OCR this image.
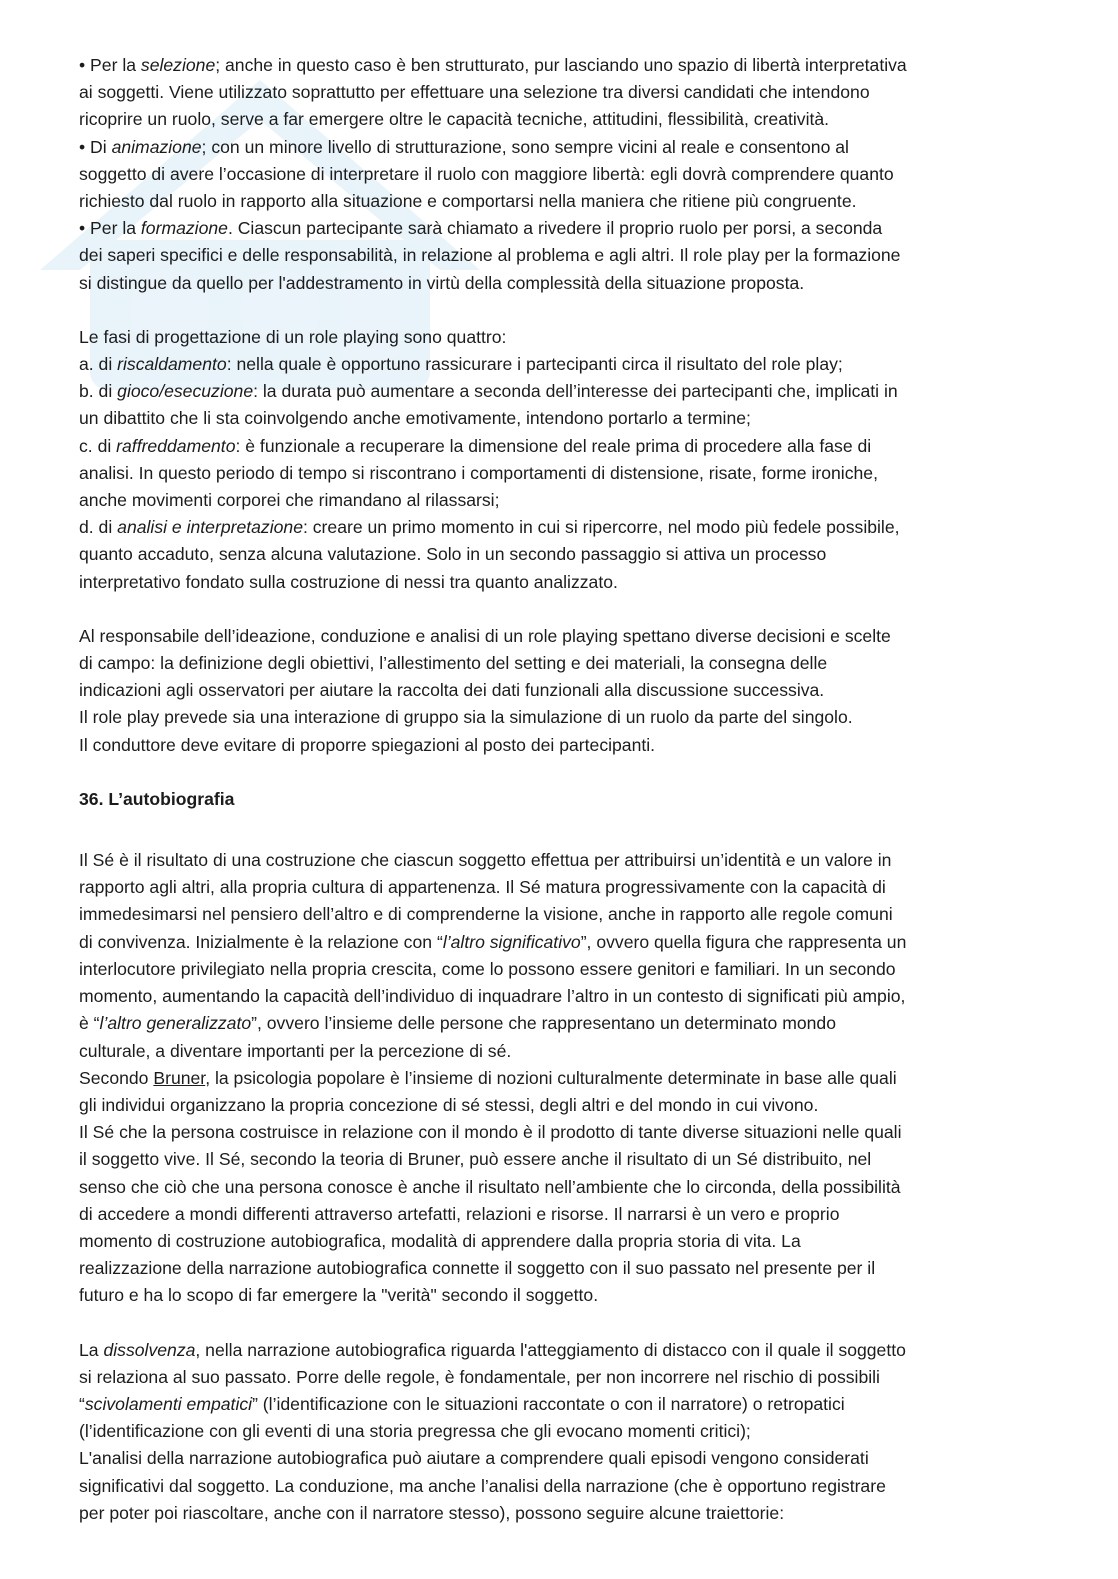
• Per la selezione; anche in questo caso è ben strutturato, pur lasciando uno spazio di libertà interpretativa
ai soggetti. Viene utilizzato soprattutto per effettuare una selezione tra diversi candidati che intendono
ricoprire un ruolo, serve a far emergere oltre le capacità tecniche, attitudini, flessibilità, creatività.
• Di animazione; con un minore livello di strutturazione, sono sempre vicini al reale e consentono al
soggetto di avere l’occasione di interpretare il ruolo con maggiore libertà: egli dovrà comprendere quanto
richiesto dal ruolo in rapporto alla situazione e comportarsi nella maniera che ritiene più congruente.
• Per la formazione. Ciascun partecipante sarà chiamato a rivedere il proprio ruolo per porsi, a seconda
dei saperi specifici e delle responsabilità, in relazione al problema e agli altri. Il role play per la formazione
si distingue da quello per l'addestramento in virtù della complessità della situazione proposta.
Le fasi di progettazione di un role playing sono quattro:
a. di riscaldamento: nella quale è opportuno rassicurare i partecipanti circa il risultato del role play;
b. di gioco/esecuzione: la durata può aumentare a seconda dell’interesse dei partecipanti che, implicati in
un dibattito che li sta coinvolgendo anche emotivamente, intendono portarlo a termine;
c. di raffreddamento: è funzionale a recuperare la dimensione del reale prima di procedere alla fase di
analisi. In questo periodo di tempo si riscontrano i comportamenti di distensione, risate, forme ironiche,
anche movimenti corporei che rimandano al rilassarsi;
d. di analisi e interpretazione: creare un primo momento in cui si ripercorre, nel modo più fedele possibile,
quanto accaduto, senza alcuna valutazione. Solo in un secondo passaggio si attiva un processo
interpretativo fondato sulla costruzione di nessi tra quanto analizzato.
Al responsabile dell’ideazione, conduzione e analisi di un role playing spettano diverse decisioni e scelte
di campo: la definizione degli obiettivi, l’allestimento del setting e dei materiali, la consegna delle
indicazioni agli osservatori per aiutare la raccolta dei dati funzionali alla discussione successiva.
Il role play prevede sia una interazione di gruppo sia la simulazione di un ruolo da parte del singolo.
Il conduttore deve evitare di proporre spiegazioni al posto dei partecipanti.
36. L’autobiografia
Il Sé è il risultato di una costruzione che ciascun soggetto effettua per attribuirsi un’identità e un valore in
rapporto agli altri, alla propria cultura di appartenenza. Il Sé matura progressivamente con la capacità di
immedesimarsi nel pensiero dell’altro e di comprenderne la visione, anche in rapporto alle regole comuni
di convivenza. Inizialmente è la relazione con “l’altro significativo”, ovvero quella figura che rappresenta un
interlocutore privilegiato nella propria crescita, come lo possono essere genitori e familiari. In un secondo
momento, aumentando la capacità dell’individuo di inquadrare l’altro in un contesto di significati più ampio,
è “l’altro generalizzato”, ovvero l’insieme delle persone che rappresentano un determinato mondo
culturale, a diventare importanti per la percezione di sé.
Secondo Bruner, la psicologia popolare è l’insieme di nozioni culturalmente determinate in base alle quali
gli individui organizzano la propria concezione di sé stessi, degli altri e del mondo in cui vivono.
Il Sé che la persona costruisce in relazione con il mondo è il prodotto di tante diverse situazioni nelle quali
il soggetto vive. Il Sé, secondo la teoria di Bruner, può essere anche il risultato di un Sé distribuito, nel
senso che ciò che una persona conosce è anche il risultato nell’ambiente che lo circonda, della possibilità
di accedere a mondi differenti attraverso artefatti, relazioni e risorse. Il narrarsi è un vero e proprio
momento di costruzione autobiografica, modalità di apprendere dalla propria storia di vita. La
realizzazione della narrazione autobiografica connette il soggetto con il suo passato nel presente per il
futuro e ha lo scopo di far emergere la "verità" secondo il soggetto.
La dissolvenza, nella narrazione autobiografica riguarda l'atteggiamento di distacco con il quale il soggetto
si relaziona al suo passato. Porre delle regole, è fondamentale, per non incorrere nel rischio di possibili
“scivolamenti empatici” (l’identificazione con le situazioni raccontate o con il narratore) o retropatici
(l’identificazione con gli eventi di una storia pregressa che gli evocano momenti critici);
L'analisi della narrazione autobiografica può aiutare a comprendere quali episodi vengono considerati
significativi dal soggetto. La conduzione, ma anche l’analisi della narrazione (che è opportuno registrare
per poter poi riascoltare, anche con il narratore stesso), possono seguire alcune traiettorie:
